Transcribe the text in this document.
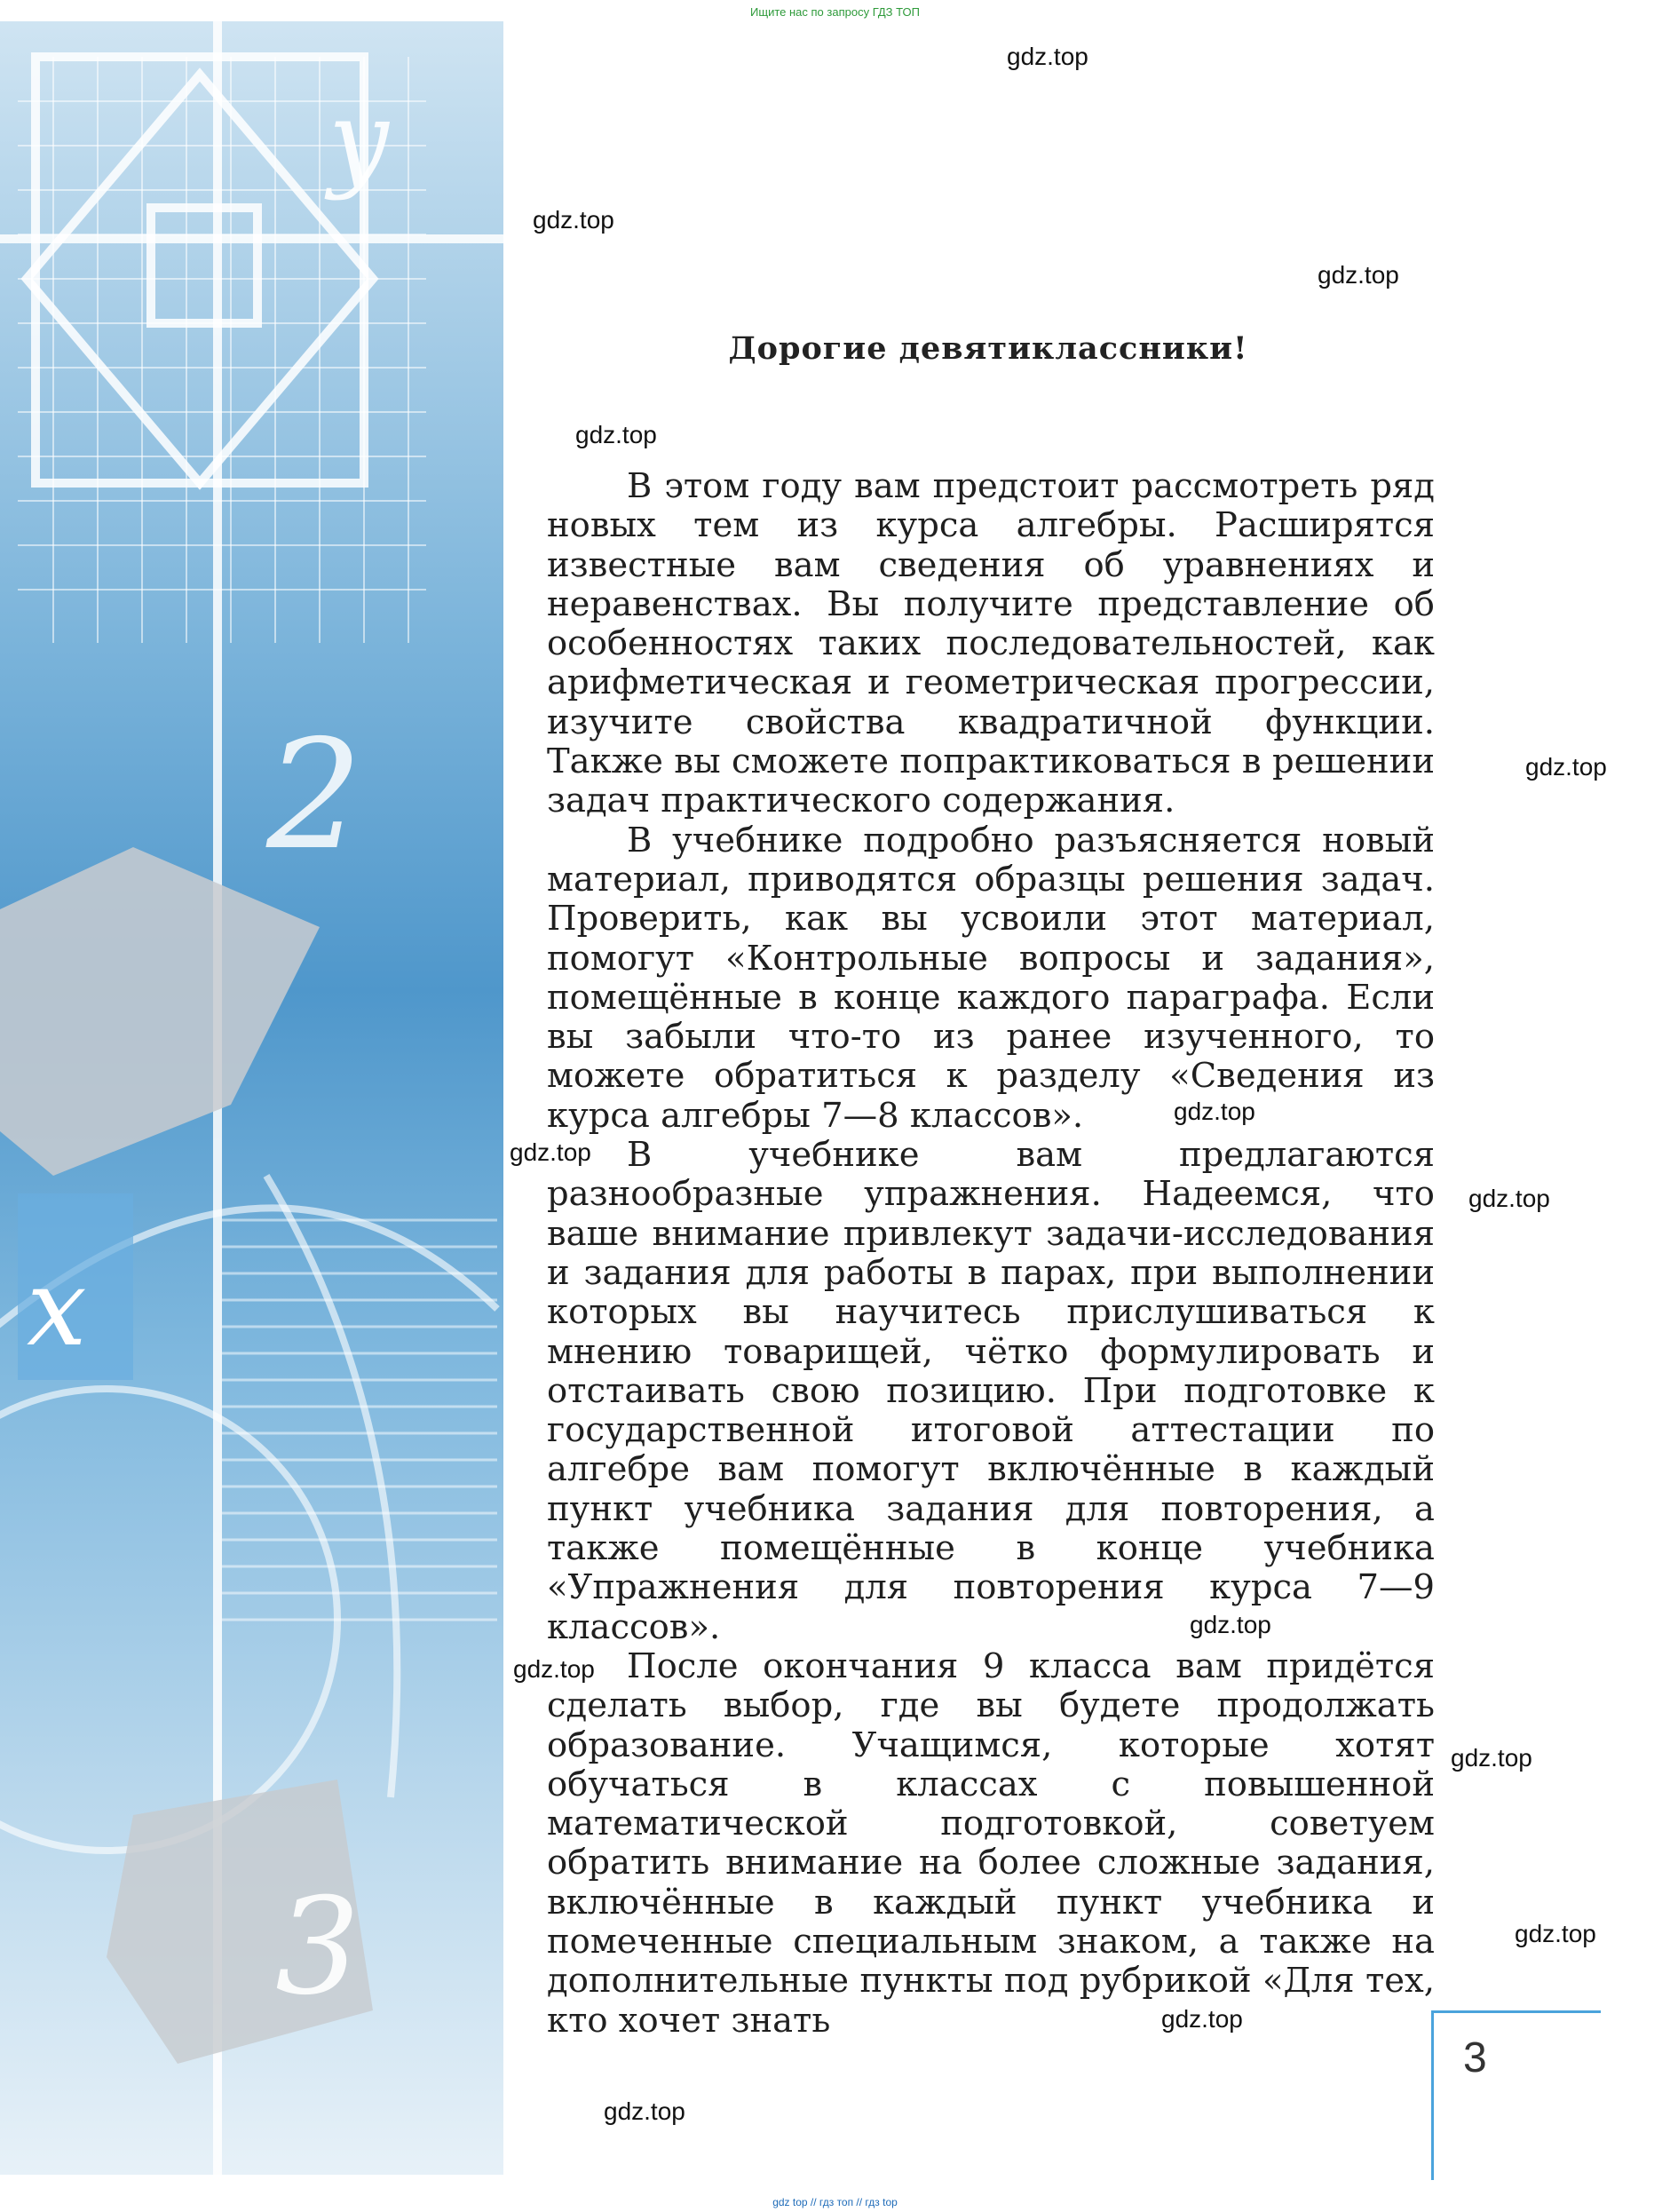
Ищите нас по запросу ГДЗ ТОП
y
x
3
2
Дорогие девятиклассники!

В этом году вам предстоит рассмотреть ряд новых тем из курса алгебры. Расширятся известные вам сведения об уравнениях и неравенствах. Вы получите представление об особенностях таких последовательностей, как арифметическая и геометрическая прогрессии, изучите свойства квадратичной функции. Также вы сможете попрактиковаться в решении задач практического содержания.

В учебнике подробно разъясняется новый материал, приводятся образцы решения задач. Проверить, как вы усвоили этот материал, помогут «Контрольные вопросы и задания», помещённые в конце каждого параграфа. Если вы забыли что-то из ранее изученного, то можете обратиться к разделу «Сведения из курса алгебры 7—8 классов».

В учебнике вам предлагаются разнообразные упражнения. Надеемся, что ваше внимание привлекут задачи-исследования и задания для работы в парах, при выполнении которых вы научитесь прислушиваться к мнению товарищей, чётко формулировать и отстаивать свою позицию. При подготовке к государственной итоговой аттестации по алгебре вам помогут включённые в каждый пункт учебника задания для повторения, а также помещённые в конце учебника «Упражнения для повторения курса 7—9 классов».

После окончания 9 класса вам придётся сделать выбор, где вы будете продолжать образование. Учащимся, которые хотят обучаться в классах с повышенной математической подготовкой, советуем обратить внимание на более сложные задания, включённые в каждый пункт учебника и помеченные специальным знаком, а также на дополнительные пункты под рубрикой «Для тех, кто хочет знать

3
gdz.top
gdz.top
gdz.top
gdz.top
gdz.top
gdz.top
gdz.top
gdz.top
gdz.top
gdz.top
gdz.top
gdz.top
gdz.top
gdz.top
gdz top // гдз топ // гдз top
